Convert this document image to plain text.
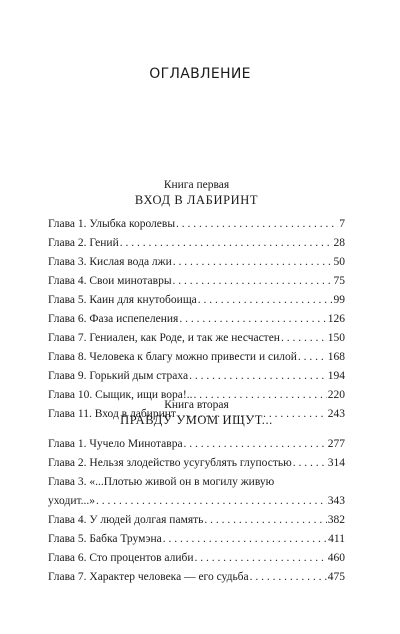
ОГЛАВЛЕНИЕ
Книга первая
ВХОД В ЛАБИРИНТ
Глава 1. Улыбка королевы . . .	7
Глава 2. Гений . . .	28
Глава 3. Кислая вода лжи . . .	50
Глава 4. Свои минотавры . . .	75
Глава 5. Каин для кнутобоища . . .	99
Глава 6. Фаза испепеления . . .	126
Глава 7. Гениален, как Роде, и так же несчастен . . .	150
Глава 8. Человека к благу можно привести и силой . . .	168
Глава 9. Горький дым страха . . .	194
Глава 10. Сыщик, ищи вора!.. . . .	220
Глава 11. Вход в лабиринт . . .	243
Книга вторая
ПРАВДУ УМОМ ИЩУТ...
Глава 1. Чучело Минотавра . . .	277
Глава 2. Нельзя злодейство усугублять глупостью . . .	314
Глава 3. «...Плотью живой он в могилу живую
уходит...» . . .	343
Глава 4. У людей долгая память . . .	382
Глава 5. Бабка Трумэна . . .	411
Глава 6. Сто процентов алиби . . .	460
Глава 7. Характер человека — его судьба . . .	475
